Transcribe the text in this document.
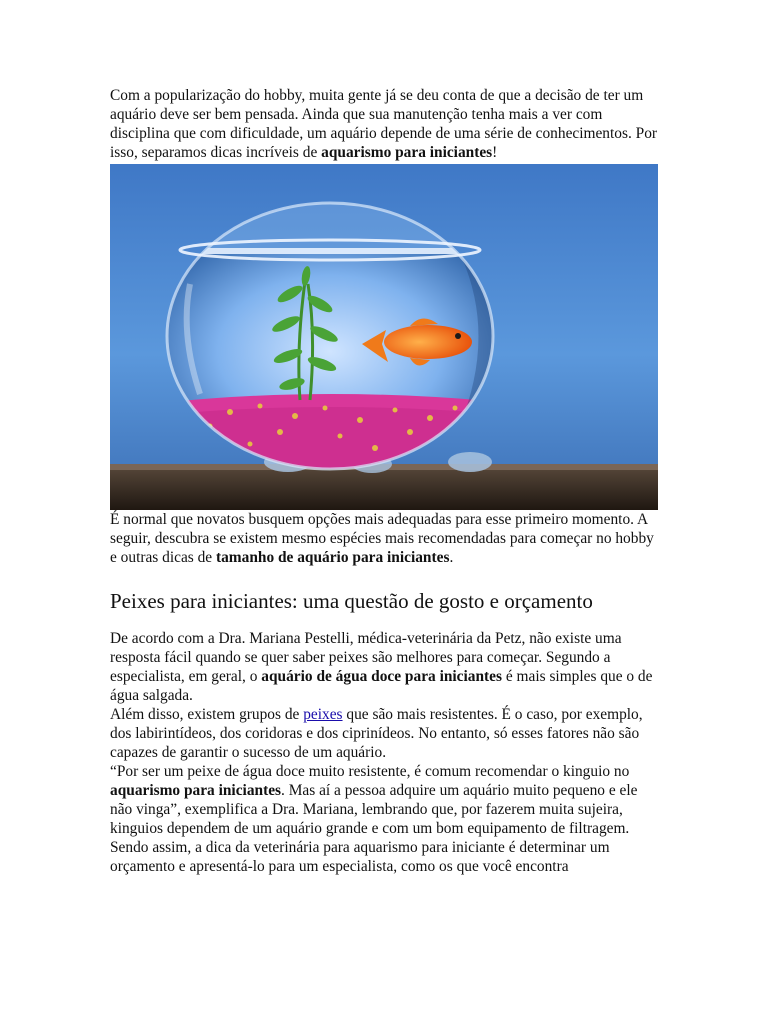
Com a popularização do hobby, muita gente já se deu conta de que a decisão de ter um aquário deve ser bem pensada. Ainda que sua manutenção tenha mais a ver com disciplina que com dificuldade, um aquário depende de uma série de conhecimentos. Por isso, separamos dicas incríveis de aquarismo para iniciantes!

É normal que novatos busquem opções mais adequadas para esse primeiro momento. A seguir, descubra se existem mesmo espécies mais recomendadas para começar no hobby e outras dicas de tamanho de aquário para iniciantes.

Peixes para iniciantes: uma questão de gosto e orçamento

De acordo com a Dra. Mariana Pestelli, médica-veterinária da Petz, não existe uma resposta fácil quando se quer saber peixes são melhores para começar. Segundo a especialista, em geral, o aquário de água doce para iniciantes é mais simples que o de água salgada.

Além disso, existem grupos de peixes que são mais resistentes. É o caso, por exemplo, dos labirintídeos, dos coridoras e dos ciprinídeos. No entanto, só esses fatores não são capazes de garantir o sucesso de um aquário.

“Por ser um peixe de água doce muito resistente, é comum recomendar o kinguio no aquarismo para iniciantes. Mas aí a pessoa adquire um aquário muito pequeno e ele não vinga”, exemplifica a Dra. Mariana, lembrando que, por fazerem muita sujeira, kinguios dependem de um aquário grande e com um bom equipamento de filtragem.

Sendo assim, a dica da veterinária para aquarismo para iniciante é determinar um orçamento e apresentá-lo para um especialista, como os que você encontra
